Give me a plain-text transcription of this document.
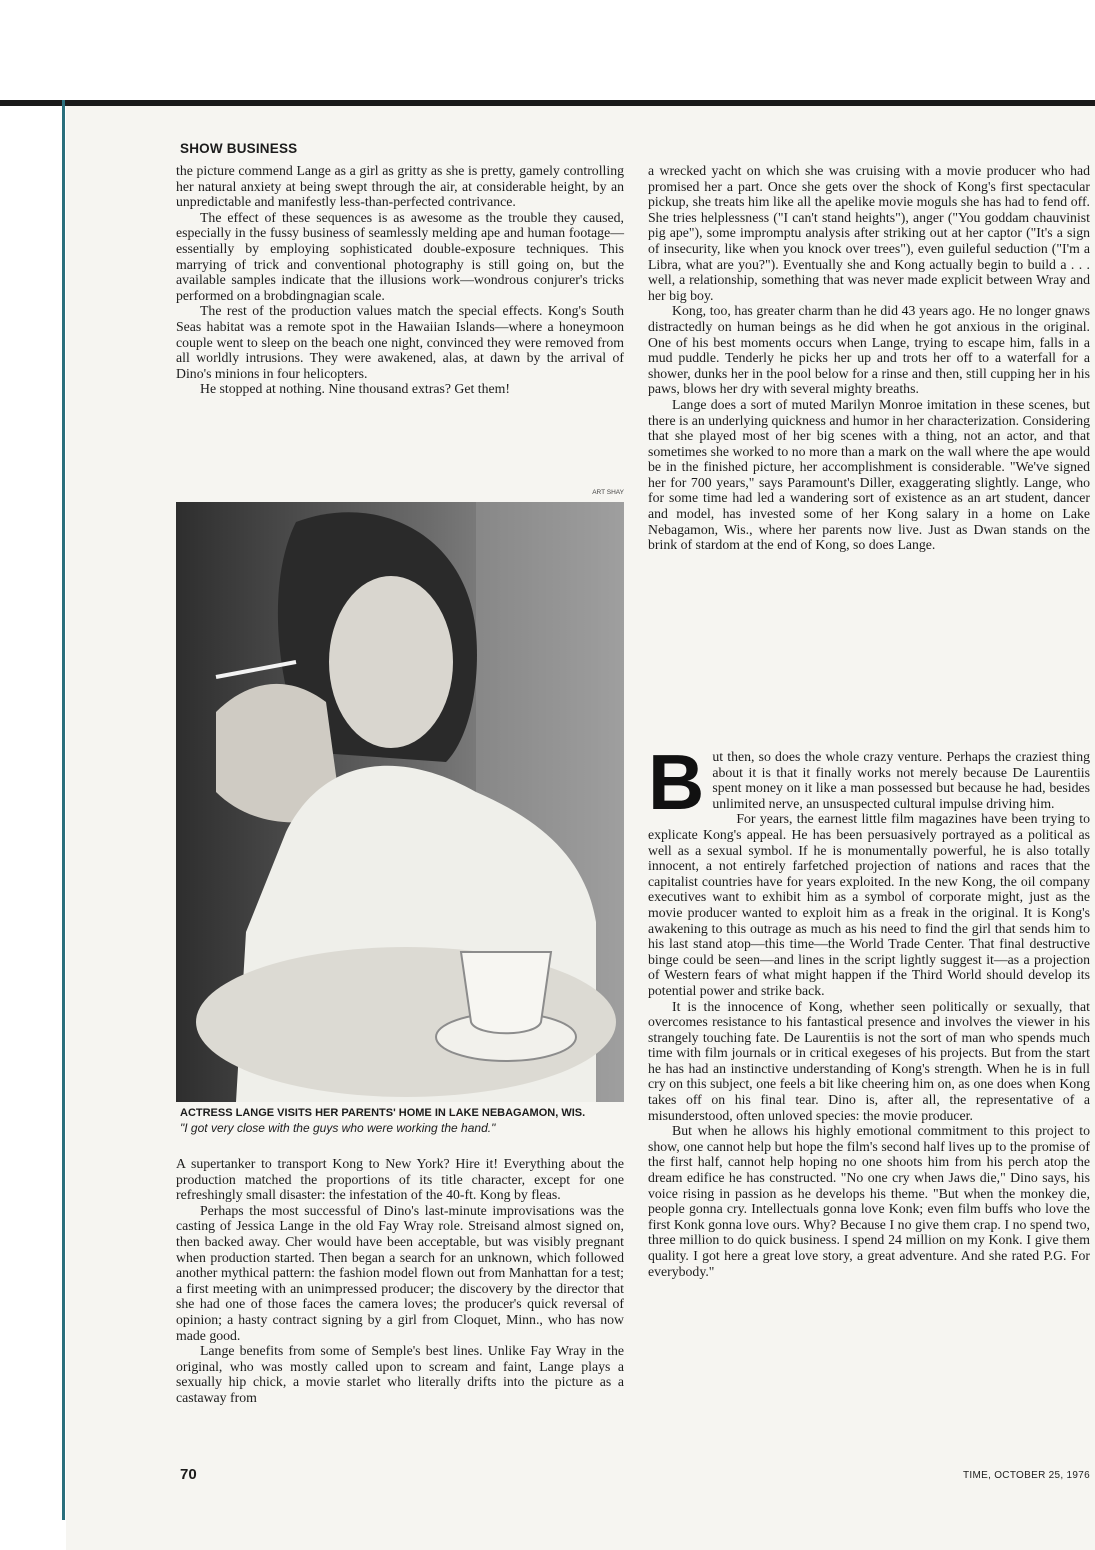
SHOW BUSINESS

the picture commend Lange as a girl as gritty as she is pretty, gamely controlling her natural anxiety at being swept through the air, at considerable height, by an unpredictable and manifestly less-than-perfected contrivance.

The effect of these sequences is as awesome as the trouble they caused, especially in the fussy business of seamlessly melding ape and human footage—essentially by employing sophisticated double-exposure techniques. This marrying of trick and conventional photography is still going on, but the available samples indicate that the illusions work—wondrous conjurer's tricks performed on a brobdingnagian scale.

The rest of the production values match the special effects. Kong's South Seas habitat was a remote spot in the Hawaiian Islands—where a honeymoon couple went to sleep on the beach one night, convinced they were removed from all worldly intrusions. They were awakened, alas, at dawn by the arrival of Dino's minions in four helicopters.

He stopped at nothing. Nine thousand extras? Get them!

ART SHAY
ACTRESS LANGE VISITS HER PARENTS' HOME IN LAKE NEBAGAMON, WIS.
"I got very close with the guys who were working the hand."

A supertanker to transport Kong to New York? Hire it! Everything about the production matched the proportions of its title character, except for one refreshingly small disaster: the infestation of the 40-ft. Kong by fleas.

Perhaps the most successful of Dino's last-minute improvisations was the casting of Jessica Lange in the old Fay Wray role. Streisand almost signed on, then backed away. Cher would have been acceptable, but was visibly pregnant when production started. Then began a search for an unknown, which followed another mythical pattern: the fashion model flown out from Manhattan for a test; a first meeting with an unimpressed producer; the discovery by the director that she had one of those faces the camera loves; the producer's quick reversal of opinion; a hasty contract signing by a girl from Cloquet, Minn., who has now made good.

Lange benefits from some of Semple's best lines. Unlike Fay Wray in the original, who was mostly called upon to scream and faint, Lange plays a sexually hip chick, a movie starlet who literally drifts into the picture as a castaway from

a wrecked yacht on which she was cruising with a movie producer who had promised her a part. Once she gets over the shock of Kong's first spectacular pickup, she treats him like all the apelike movie moguls she has had to fend off. She tries helplessness ("I can't stand heights"), anger ("You goddam chauvinist pig ape"), some impromptu analysis after striking out at her captor ("It's a sign of insecurity, like when you knock over trees"), even guileful seduction ("I'm a Libra, what are you?"). Eventually she and Kong actually begin to build a . . . well, a relationship, something that was never made explicit between Wray and her big boy.

Kong, too, has greater charm than he did 43 years ago. He no longer gnaws distractedly on human beings as he did when he got anxious in the original. One of his best moments occurs when Lange, trying to escape him, falls in a mud puddle. Tenderly he picks her up and trots her off to a waterfall for a shower, dunks her in the pool below for a rinse and then, still cupping her in his paws, blows her dry with several mighty breaths.

Lange does a sort of muted Marilyn Monroe imitation in these scenes, but there is an underlying quickness and humor in her characterization. Considering that she played most of her big scenes with a thing, not an actor, and that sometimes she worked to no more than a mark on the wall where the ape would be in the finished picture, her accomplishment is considerable. "We've signed her for 700 years," says Paramount's Diller, exaggerating slightly. Lange, who for some time had led a wandering sort of existence as an art student, dancer and model, has invested some of her Kong salary in a home on Lake Nebagamon, Wis., where her parents now live. Just as Dwan stands on the brink of stardom at the end of Kong, so does Lange.

B ut then, so does the whole crazy venture. Perhaps the craziest thing about it is that it finally works not merely because De Laurentiis spent money on it like a man possessed but because he had, besides unlimited nerve, an unsuspected cultural impulse driving him.

For years, the earnest little film magazines have been trying to explicate Kong's appeal. He has been persuasively portrayed as a political as well as a sexual symbol. If he is monumentally powerful, he is also totally innocent, a not entirely farfetched projection of nations and races that the capitalist countries have for years exploited. In the new Kong, the oil company executives want to exhibit him as a symbol of corporate might, just as the movie producer wanted to exploit him as a freak in the original. It is Kong's awakening to this outrage as much as his need to find the girl that sends him to his last stand atop—this time—the World Trade Center. That final destructive binge could be seen—and lines in the script lightly suggest it—as a projection of Western fears of what might happen if the Third World should develop its potential power and strike back.

It is the innocence of Kong, whether seen politically or sexually, that overcomes resistance to his fantastical presence and involves the viewer in his strangely touching fate. De Laurentiis is not the sort of man who spends much time with film journals or in critical exegeses of his projects. But from the start he has had an instinctive understanding of Kong's strength. When he is in full cry on this subject, one feels a bit like cheering him on, as one does when Kong takes off on his final tear. Dino is, after all, the representative of a misunderstood, often unloved species: the movie producer.

But when he allows his highly emotional commitment to this project to show, one cannot help but hope the film's second half lives up to the promise of the first half, cannot help hoping no one shoots him from his perch atop the dream edifice he has constructed. "No one cry when Jaws die," Dino says, his voice rising in passion as he develops his theme. "But when the monkey die, people gonna cry. Intellectuals gonna love Konk; even film buffs who love the first Konk gonna love ours. Why? Because I no give them crap. I no spend two, three million to do quick business. I spend 24 million on my Konk. I give them quality. I got here a great love story, a great adventure. And she rated P.G. For everybody."

70	TIME, OCTOBER 25, 1976
